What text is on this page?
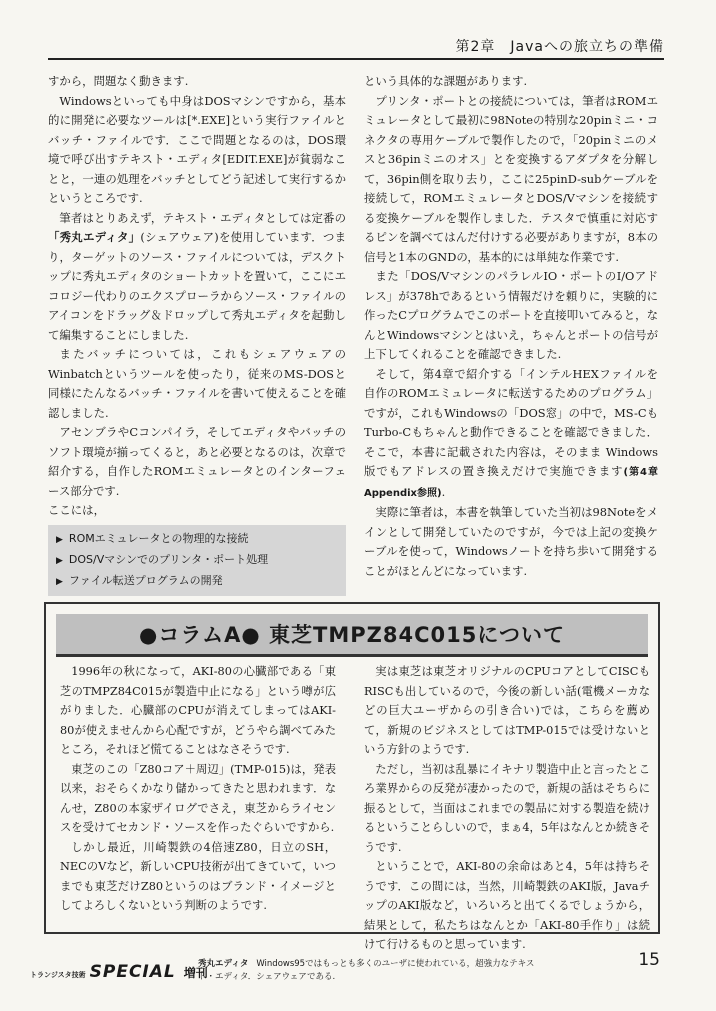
第2章　Javaへの旅立ちの準備

すから，問題なく動きます.

Windowsといっても中身はDOSマシンですから，基本的に開発に必要なツールは[*.EXE]という実行ファイルとバッチ・ファイルです．ここで問題となるのは，DOS環境で呼び出すテキスト・エディタ[EDIT.EXE]が貧弱なことと，一連の処理をバッチとしてどう記述して実行するかというところです.

筆者はとりあえず，テキスト・エディタとしては定番の「秀丸エディタ」(シェアウェア)を使用しています．つまり，ターゲットのソース・ファイルについては，デスクトップに秀丸エディタのショートカットを置いて，ここにエコロジー代わりのエクスプローラからソース・ファイルのアイコンをドラッグ＆ドロップして秀丸エディタを起動して編集することにしました.

またバッチについては，これもシェアウェアのWinbatchというツールを使ったり，従来のMS-DOSと同様にたんなるバッチ・ファイルを書いて使えることを確認しました.

アセンブラやCコンパイラ，そしてエディタやバッチのソフト環境が揃ってくると，あと必要となるのは，次章で紹介する，自作したROMエミュレータとのインターフェース部分です.

ここには，

▶ ROMエミュレータとの物理的な接続
▶ DOS/Vマシンでのプリンタ・ポート処理
▶ ファイル転送プログラムの開発

という具体的な課題があります.

プリンタ・ポートとの接続については，筆者はROMエミュレータとして最初に98Noteの特別な20pinミニ・コネクタの専用ケーブルで製作したので，「20pinミニのメスと36pinミニのオス」とを変換するアダプタを分解して，36pin側を取り去り，ここに25pinD-subケーブルを接続して，ROMエミュレータとDOS/Vマシンを接続する変換ケーブルを製作しました．テスタで慎重に対応するピンを調べてはんだ付けする必要がありますが，8本の信号と1本のGNDの，基本的には単純な作業です.

また「DOS/VマシンのパラレルIO・ポートのI/Oアドレス」が378hであるという情報だけを頼りに，実験的に作ったCプログラムでこのポートを直接叩いてみると，なんとWindowsマシンとはいえ，ちゃんとポートの信号が上下してくれることを確認できました.

そして，第4章で紹介する「インテルHEXファイルを自作のROMエミュレータに転送するためのプログラム」ですが，これもWindowsの「DOS窓」の中で，MS-CもTurbo-Cもちゃんと動作できることを確認できました．そこで，本書に記載された内容は，そのまま Windows版でもアドレスの置き換えだけで実施できます(第4章Appendix参照).

実際に筆者は，本書を執筆していた当初は98Noteをメインとして開発していたのですが，今では上記の変換ケーブルを使って，Windowsノートを持ち歩いて開発することがほとんどになっています.

●コラムA● 東芝TMPZ84C015について

1996年の秋になって，AKI-80の心臓部である「東芝のTMPZ84C015が製造中止になる」という噂が広がりました．心臓部のCPUが消えてしまってはAKI-80が使えませんから心配ですが，どうやら調べてみたところ，それほど慌てることはなさそうです.

東芝のこの「Z80コア＋周辺」(TMP-015)は，発表以来，おそらくかなり儲かってきたと思われます．なんせ，Z80の本家ザイログでさえ，東芝からライセンスを受けてセカンド・ソースを作ったぐらいですから.

しかし最近，川崎製鉄の4倍速Z80，日立のSH，NECのVなど，新しいCPU技術が出てきていて，いつまでも東芝だけZ80というのはブランド・イメージとしてよろしくないという判断のようです.

実は東芝は東芝オリジナルのCPUコアとしてCISCもRISCも出しているので，今後の新しい話(電機メーカなどの巨大ユーザからの引き合い)では，こちらを薦めて，新規のビジネスとしてはTMP-015では受けないという方針のようです.

ただし，当初は乱暴にイキナリ製造中止と言ったところ業界からの反発が凄かったので，新規の話はそちらに振るとして，当面はこれまでの製品に対する製造を続けるということらしいので，まぁ4，5年はなんとか続きそうです.

ということで，AKI-80の余命はあと4，5年は持ちそうです．この間には，当然，川崎製鉄のAKI版，JavaチップのAKI版など，いろいろと出てくるでしょうから，結果として，私たちはなんとか「AKI-80手作り」は続けて行けるものと思っています.

トランジスタ技術 SPECIAL 増刊
秀丸エディタ Windows95ではもっとも多くのユーザに使われている，超強力なテキスト・エディタ．シェアウェアである.
15
